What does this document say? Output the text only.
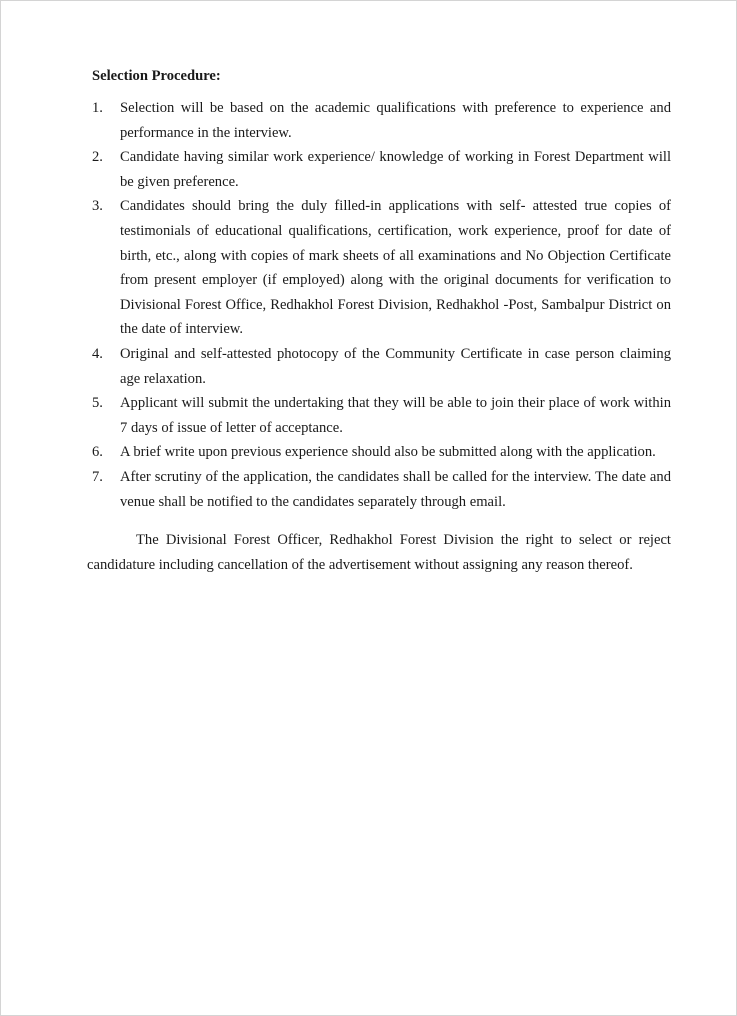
Selection Procedure:
1.	Selection will be based on the academic qualifications with preference to experience and performance in the interview.
2.	Candidate having similar work experience/ knowledge of working in Forest Department will be given preference.
3.	Candidates should bring the duly filled-in applications with self- attested true copies of testimonials of educational qualifications, certification, work experience, proof for date of birth, etc., along with copies of mark sheets of all examinations and No Objection Certificate from present employer (if employed) along with the original documents for verification to Divisional Forest Office, Redhakhol Forest Division, Redhakhol -Post, Sambalpur District on the date of interview.
4.	Original and self-attested photocopy of the Community Certificate in case person claiming age relaxation.
5.	Applicant will submit the undertaking that they will be able to join their place of work within 7 days of issue of letter of acceptance.
6.	A brief write upon previous experience should also be submitted along with the application.
7.	After scrutiny of the application, the candidates shall be called for the interview. The date and venue shall be notified to the candidates separately through email.

The Divisional Forest Officer, Redhakhol Forest Division the right to select or reject candidature including cancellation of the advertisement without assigning any reason thereof.
